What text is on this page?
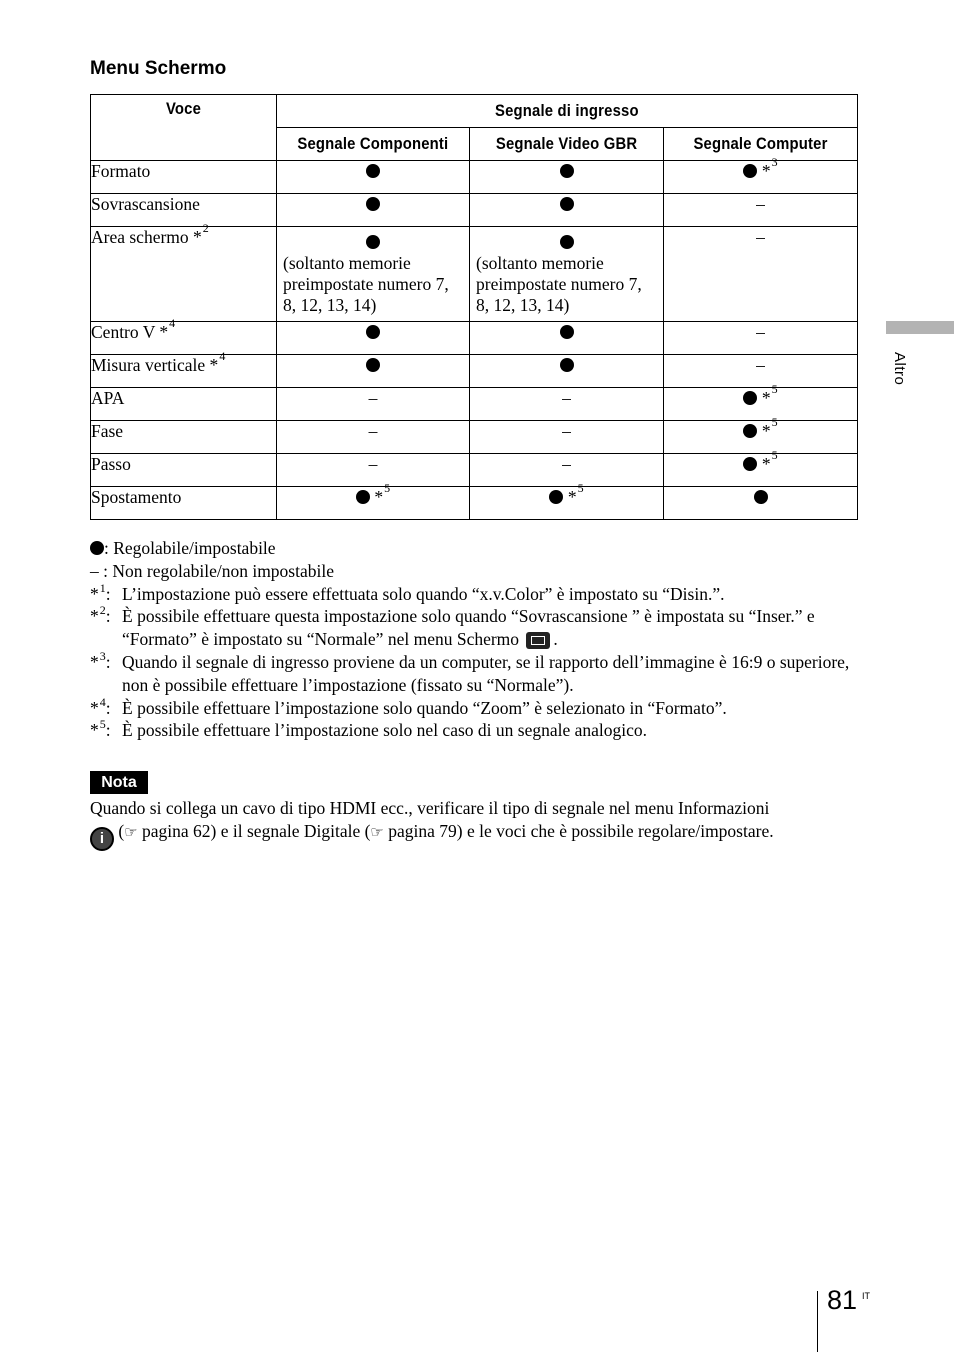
Menu Schermo
Voce	Segnale di ingresso		
	Segnale Componenti	Segnale Video GBR	Segnale Computer
Formato			*$^3$
Sovrascansione			–
Area schermo *$^2$	(soltanto memorie preimpostate numero 7, 8, 12, 13, 14)	(soltanto memorie preimpostate numero 7, 8, 12, 13, 14)	–
Centro V *$^4$			–
Misura verticale *$^4$			–
APA	–	–	*$^5$
Fase	–	–	*$^5$
Passo	–	–	*$^5$
Spostamento	*$^5$	*$^5$	
: Regolabile/impostabile
– : Non regolabile/non impostabile
*$^1$: L’impostazione può essere effettuata solo quando “x.v.Color” è impostato su “Disin.”.
*$^2$: È possibile effettuare questa impostazione solo quando “Sovrascansione ” è impostata su “Inser.” e “Formato” è impostato su “Normale” nel menu Schermo .
*$^3$: Quando il segnale di ingresso proviene da un computer, se il rapporto dell’immagine è 16:9 o superiore, non è possibile effettuare l’impostazione (fissato su “Normale”).
*$^4$: È possibile effettuare l’impostazione solo quando “Zoom” è selezionato in “Formato”.
*$^5$: È possibile effettuare l’impostazione solo nel caso di un segnale analogico.
Nota
Quando si collega un cavo di tipo HDMI ecc., verificare il tipo di segnale nel menu Informazioni
i (☞ pagina 62) e il segnale Digitale (☞ pagina 79) e le voci che è possibile regolare/impostare.
Altro
81 IT
